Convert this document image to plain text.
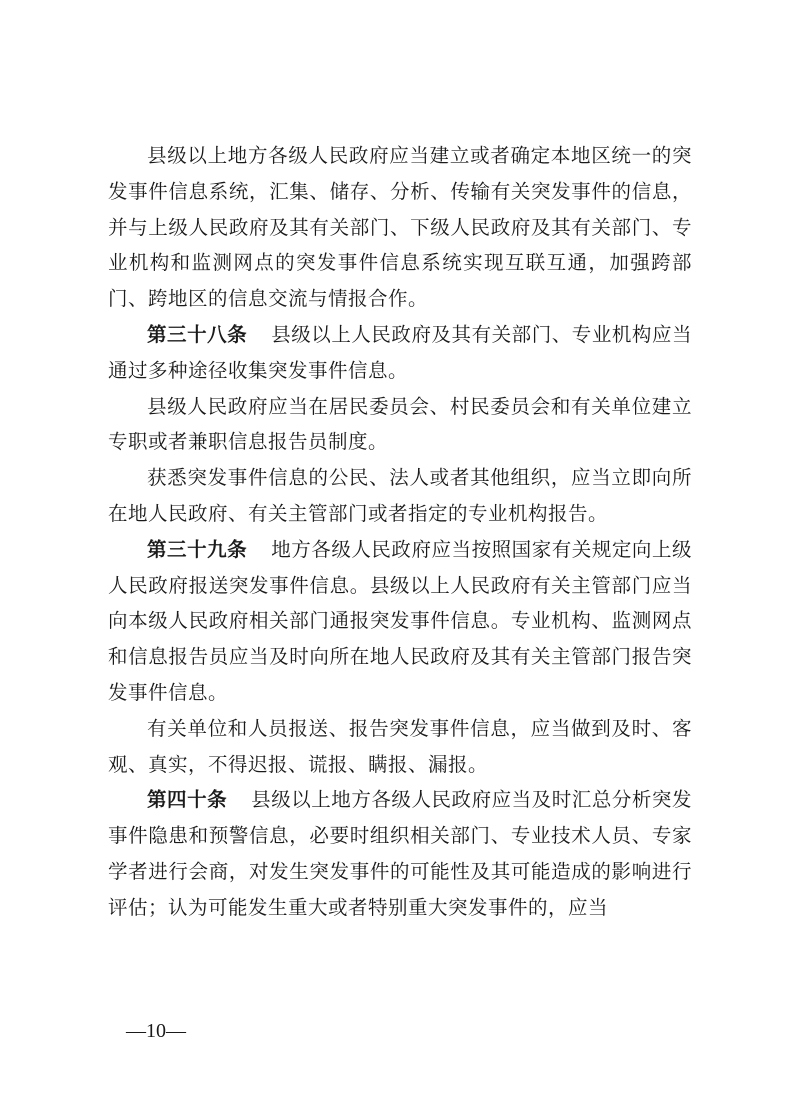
县级以上地方各级人民政府应当建立或者确定本地区统一的突发事件信息系统，汇集、储存、分析、传输有关突发事件的信息，并与上级人民政府及其有关部门、下级人民政府及其有关部门、专业机构和监测网点的突发事件信息系统实现互联互通，加强跨部门、跨地区的信息交流与情报合作。

第三十八条 县级以上人民政府及其有关部门、专业机构应当通过多种途径收集突发事件信息。

县级人民政府应当在居民委员会、村民委员会和有关单位建立专职或者兼职信息报告员制度。

获悉突发事件信息的公民、法人或者其他组织，应当立即向所在地人民政府、有关主管部门或者指定的专业机构报告。

第三十九条 地方各级人民政府应当按照国家有关规定向上级人民政府报送突发事件信息。县级以上人民政府有关主管部门应当向本级人民政府相关部门通报突发事件信息。专业机构、监测网点和信息报告员应当及时向所在地人民政府及其有关主管部门报告突发事件信息。

有关单位和人员报送、报告突发事件信息，应当做到及时、客观、真实，不得迟报、谎报、瞒报、漏报。

第四十条 县级以上地方各级人民政府应当及时汇总分析突发事件隐患和预警信息，必要时组织相关部门、专业技术人员、专家学者进行会商，对发生突发事件的可能性及其可能造成的影响进行评估；认为可能发生重大或者特别重大突发事件的，应当

—10—
